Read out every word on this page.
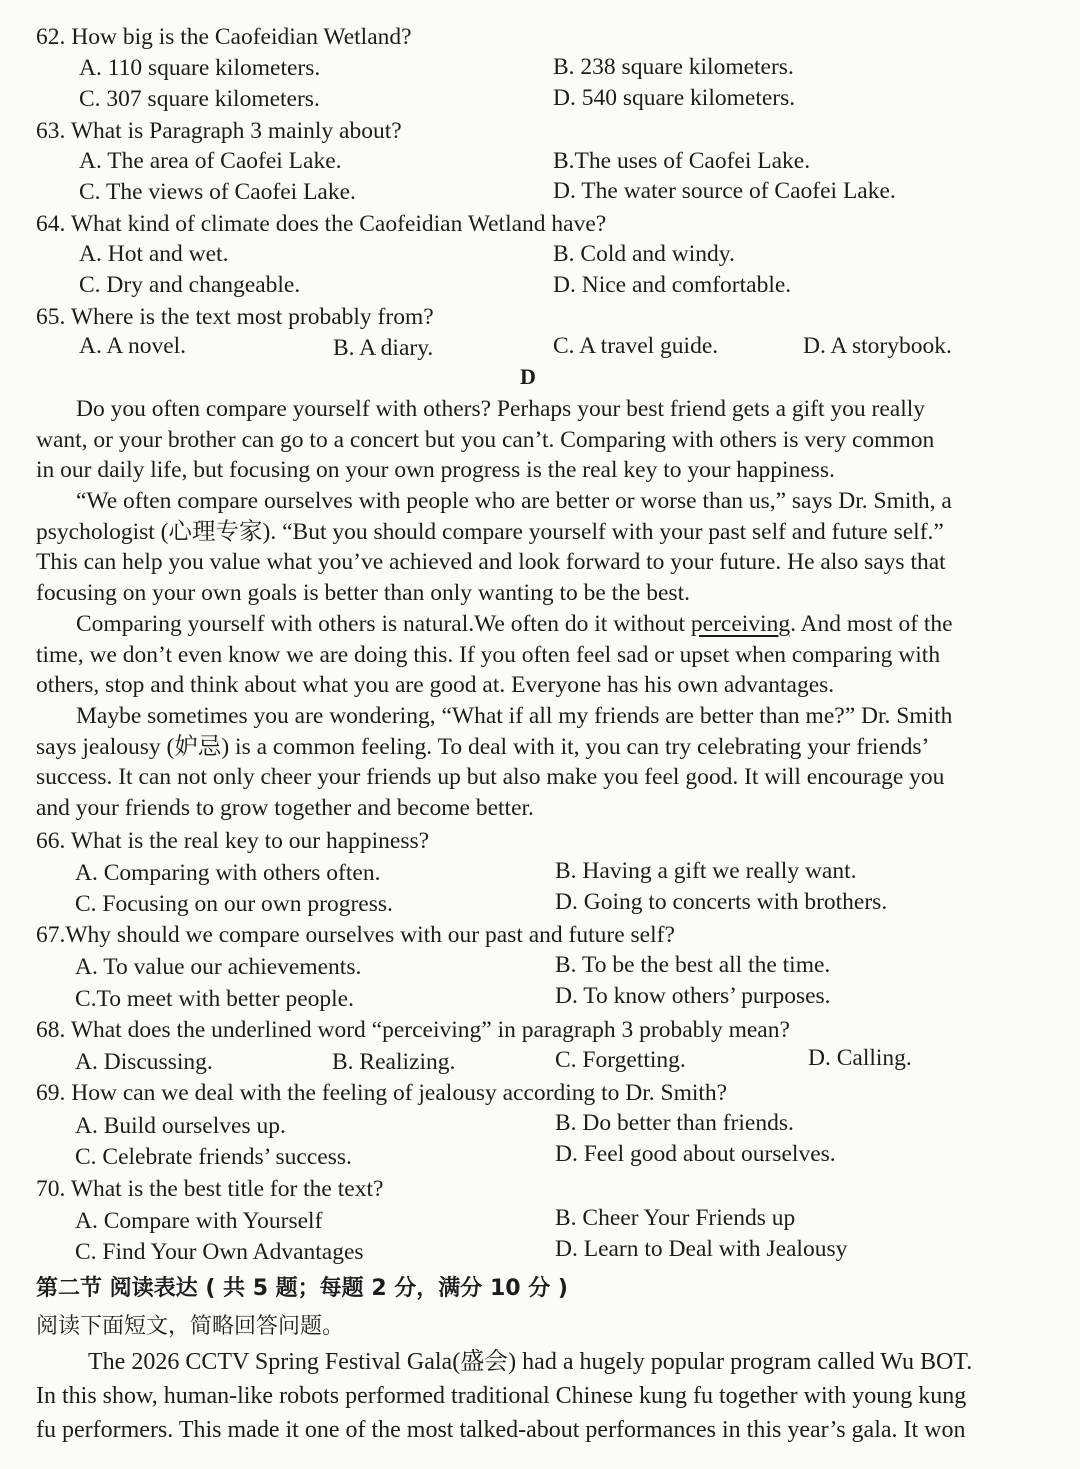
62. How big is the Caofeidian Wetland?
A. 110 square kilometers.	B. 238 square kilometers.
C. 307 square kilometers.	D. 540 square kilometers.
63. What is Paragraph 3 mainly about?
A. The area of Caofei Lake.	B.The uses of Caofei Lake.
C. The views of Caofei Lake.	D. The water source of Caofei Lake.
64. What kind of climate does the Caofeidian Wetland have?
A. Hot and wet.	B. Cold and windy.
C. Dry and changeable.	D. Nice and comfortable.
65. Where is the text most probably from?
A. A novel.	B. A diary.	C. A travel guide.	D. A storybook.
D
Do you often compare yourself with others? Perhaps your best friend gets a gift you really
want, or your brother can go to a concert but you can’t. Comparing with others is very common
in our daily life, but focusing on your own progress is the real key to your happiness.
“We often compare ourselves with people who are better or worse than us,” says Dr. Smith, a
psychologist (心理专家). “But you should compare yourself with your past self and future self.”
This can help you value what you’ve achieved and look forward to your future. He also says that
focusing on your own goals is better than only wanting to be the best.
Comparing yourself with others is natural.We often do it without perceiving. And most of the
time, we don’t even know we are doing this. If you often feel sad or upset when comparing with
others, stop and think about what you are good at. Everyone has his own advantages.
Maybe sometimes you are wondering, “What if all my friends are better than me?” Dr. Smith
says jealousy (妒忌) is a common feeling. To deal with it, you can try celebrating your friends’
success. It can not only cheer your friends up but also make you feel good. It will encourage you
and your friends to grow together and become better.
66. What is the real key to our happiness?
A. Comparing with others often.	B. Having a gift we really want.
C. Focusing on our own progress.	D. Going to concerts with brothers.
67.Why should we compare ourselves with our past and future self?
A. To value our achievements.	B. To be the best all the time.
C.To meet with better people.	D. To know others’ purposes.
68. What does the underlined word “perceiving” in paragraph 3 probably mean?
A. Discussing.	B. Realizing.	C. Forgetting.	D. Calling.
69. How can we deal with the feeling of jealousy according to Dr. Smith?
A. Build ourselves up.	B. Do better than friends.
C. Celebrate friends’ success.	D. Feel good about ourselves.
70. What is the best title for the text?
A. Compare with Yourself	B. Cheer Your Friends up
C. Find Your Own Advantages	D. Learn to Deal with Jealousy
第二节 阅读表达 ( 共 5 题；每题 2 分，满分 10 分 )
阅读下面短文，简略回答问题。
The 2026 CCTV Spring Festival Gala(盛会) had a hugely popular program called Wu BOT.
In this show, human-like robots performed traditional Chinese kung fu together with young kung
fu performers. This made it one of the most talked-about performances in this year’s gala. It won
